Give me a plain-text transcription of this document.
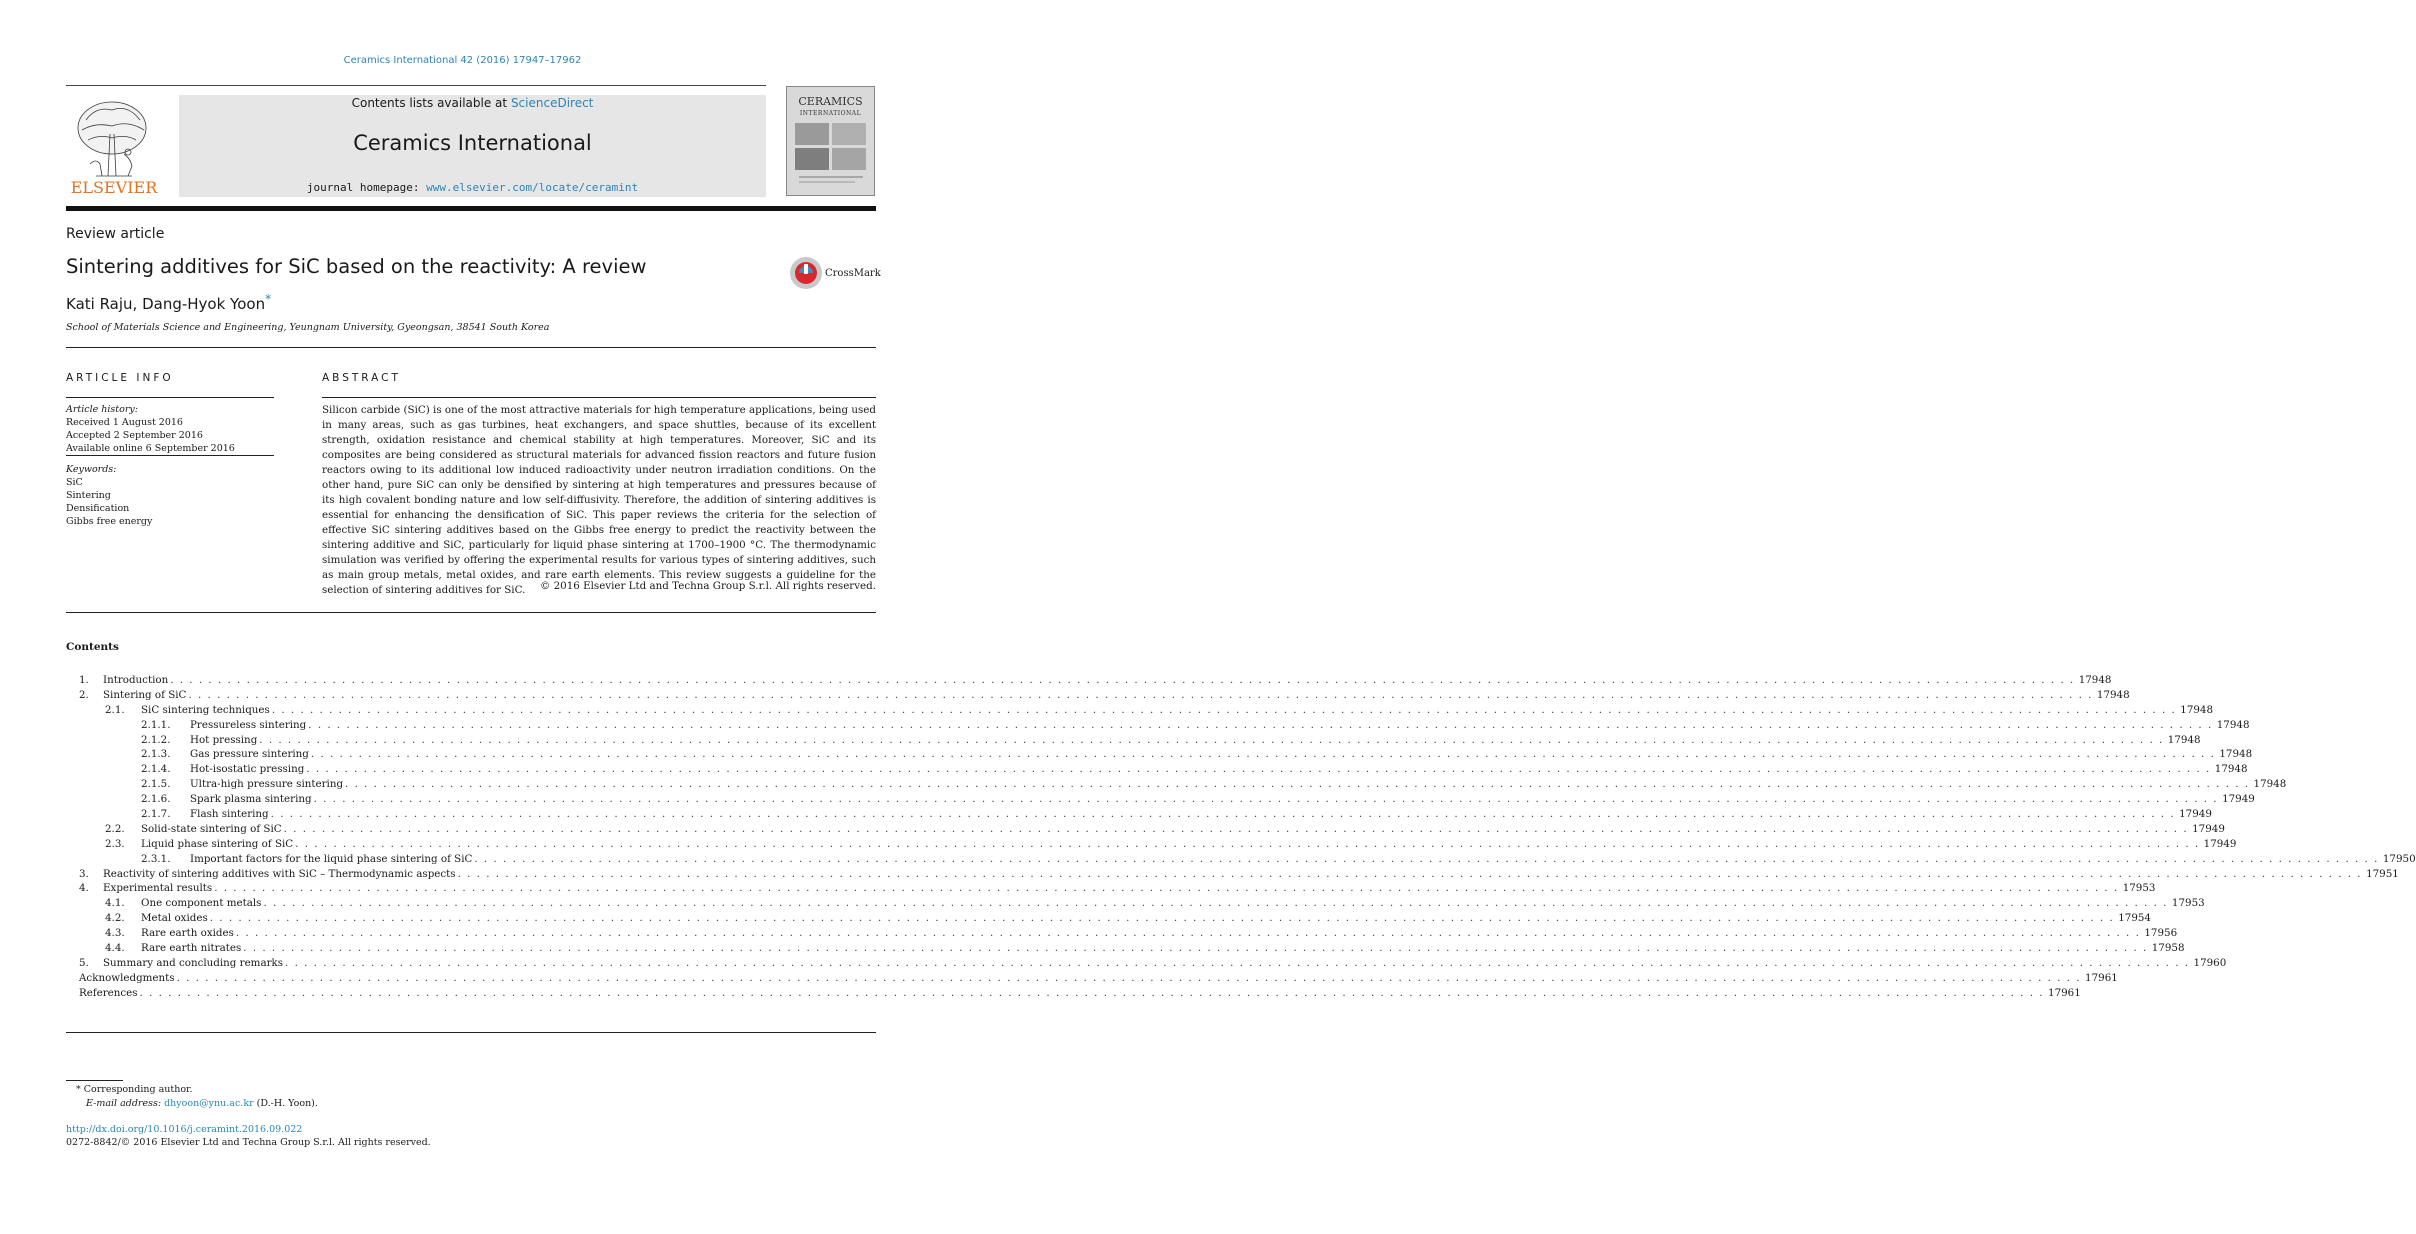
Ceramics International 42 (2016) 17947–17962
ELSEVIER
Contents lists available at ScienceDirect
Ceramics International
journal homepage: www.elsevier.com/locate/ceramint
CERAMICS
INTERNATIONAL
Review article
Sintering additives for SiC based on the reactivity: A review	CrossMark
Kati Raju, Dang-Hyok Yoon*
School of Materials Science and Engineering, Yeungnam University, Gyeongsan, 38541 South Korea
ARTICLE INFO
Article history:
Received 1 August 2016
Accepted 2 September 2016
Available online 6 September 2016
Keywords:
SiC
Sintering
Densification
Gibbs free energy
ABSTRACT
Silicon carbide (SiC) is one of the most attractive materials for high temperature applications, being used in many areas, such as gas turbines, heat exchangers, and space shuttles, because of its excellent strength, oxidation resistance and chemical stability at high temperatures. Moreover, SiC and its composites are being considered as structural materials for advanced fission reactors and future fusion reactors owing to its additional low induced radioactivity under neutron irradiation conditions. On the other hand, pure SiC can only be densified by sintering at high temperatures and pressures because of its high covalent bonding nature and low self-diffusivity. Therefore, the addition of sintering additives is essential for enhancing the densification of SiC. This paper reviews the criteria for the selection of effective SiC sintering additives based on the Gibbs free energy to predict the reactivity between the sintering additive and SiC, particularly for liquid phase sintering at 1700–1900 °C. The thermodynamic simulation was verified by offering the experimental results for various types of sintering additives, such as main group metals, metal oxides, and rare earth elements. This review suggests a guideline for the selection of sintering additives for SiC.	© 2016 Elsevier Ltd and Techna Group S.r.l. All rights reserved.
Contents
1.	Introduction . . . . . . . . . . . . . . . . . . . . . . . . . . . . . . . . . . . . . . . . . . . . . . . . . . . . . . . . . . . . . . . . . . . . . . . . . . . . . . . . . . . . . . . . . . . . . . . . . . . . . . . . . . . . . . . . . . . . . . . . . . . . . . . . . . . . . . . . . . . . . . . . . . . . . . . . . . . . . . . . . . . . . . . . . . . . . . . . . . . . . . . . . . . . . . . . . . . . . . . . 17948
2.	Sintering of SiC . . . . . . . . . . . . . . . . . . . . . . . . . . . . . . . . . . . . . . . . . . . . . . . . . . . . . . . . . . . . . . . . . . . . . . . . . . . . . . . . . . . . . . . . . . . . . . . . . . . . . . . . . . . . . . . . . . . . . . . . . . . . . . . . . . . . . . . . . . . . . . . . . . . . . . . . . . . . . . . . . . . . . . . . . . . . . . . . . . . . . . . . . . . . . . . . . . . . . . . . 17948
2.1.	SiC sintering techniques . . . . . . . . . . . . . . . . . . . . . . . . . . . . . . . . . . . . . . . . . . . . . . . . . . . . . . . . . . . . . . . . . . . . . . . . . . . . . . . . . . . . . . . . . . . . . . . . . . . . . . . . . . . . . . . . . . . . . . . . . . . . . . . . . . . . . . . . . . . . . . . . . . . . . . . . . . . . . . . . . . . . . . . . . . . . . . . . . . . . . . . . . . . . . . . . . . . . . . . . 17948
2.1.1.	Pressureless sintering . . . . . . . . . . . . . . . . . . . . . . . . . . . . . . . . . . . . . . . . . . . . . . . . . . . . . . . . . . . . . . . . . . . . . . . . . . . . . . . . . . . . . . . . . . . . . . . . . . . . . . . . . . . . . . . . . . . . . . . . . . . . . . . . . . . . . . . . . . . . . . . . . . . . . . . . . . . . . . . . . . . . . . . . . . . . . . . . . . . . . . . . . . . . . . . . . . . . . . . . 17948
2.1.2.	Hot pressing . . . . . . . . . . . . . . . . . . . . . . . . . . . . . . . . . . . . . . . . . . . . . . . . . . . . . . . . . . . . . . . . . . . . . . . . . . . . . . . . . . . . . . . . . . . . . . . . . . . . . . . . . . . . . . . . . . . . . . . . . . . . . . . . . . . . . . . . . . . . . . . . . . . . . . . . . . . . . . . . . . . . . . . . . . . . . . . . . . . . . . . . . . . . . . . . . . . . . . . . 17948
2.1.3.	Gas pressure sintering . . . . . . . . . . . . . . . . . . . . . . . . . . . . . . . . . . . . . . . . . . . . . . . . . . . . . . . . . . . . . . . . . . . . . . . . . . . . . . . . . . . . . . . . . . . . . . . . . . . . . . . . . . . . . . . . . . . . . . . . . . . . . . . . . . . . . . . . . . . . . . . . . . . . . . . . . . . . . . . . . . . . . . . . . . . . . . . . . . . . . . . . . . . . . . . . . . . . . . . . 17948
2.1.4.	Hot-isostatic pressing . . . . . . . . . . . . . . . . . . . . . . . . . . . . . . . . . . . . . . . . . . . . . . . . . . . . . . . . . . . . . . . . . . . . . . . . . . . . . . . . . . . . . . . . . . . . . . . . . . . . . . . . . . . . . . . . . . . . . . . . . . . . . . . . . . . . . . . . . . . . . . . . . . . . . . . . . . . . . . . . . . . . . . . . . . . . . . . . . . . . . . . . . . . . . . . . . . . . . . . . 17948
2.1.5.	Ultra-high pressure sintering . . . . . . . . . . . . . . . . . . . . . . . . . . . . . . . . . . . . . . . . . . . . . . . . . . . . . . . . . . . . . . . . . . . . . . . . . . . . . . . . . . . . . . . . . . . . . . . . . . . . . . . . . . . . . . . . . . . . . . . . . . . . . . . . . . . . . . . . . . . . . . . . . . . . . . . . . . . . . . . . . . . . . . . . . . . . . . . . . . . . . . . . . . . . . . . . . . . . . . . . 17948
2.1.6.	Spark plasma sintering . . . . . . . . . . . . . . . . . . . . . . . . . . . . . . . . . . . . . . . . . . . . . . . . . . . . . . . . . . . . . . . . . . . . . . . . . . . . . . . . . . . . . . . . . . . . . . . . . . . . . . . . . . . . . . . . . . . . . . . . . . . . . . . . . . . . . . . . . . . . . . . . . . . . . . . . . . . . . . . . . . . . . . . . . . . . . . . . . . . . . . . . . . . . . . . . . . . . . . . . 17949
2.1.7.	Flash sintering . . . . . . . . . . . . . . . . . . . . . . . . . . . . . . . . . . . . . . . . . . . . . . . . . . . . . . . . . . . . . . . . . . . . . . . . . . . . . . . . . . . . . . . . . . . . . . . . . . . . . . . . . . . . . . . . . . . . . . . . . . . . . . . . . . . . . . . . . . . . . . . . . . . . . . . . . . . . . . . . . . . . . . . . . . . . . . . . . . . . . . . . . . . . . . . . . . . . . . . . 17949
2.2.	Solid-state sintering of SiC . . . . . . . . . . . . . . . . . . . . . . . . . . . . . . . . . . . . . . . . . . . . . . . . . . . . . . . . . . . . . . . . . . . . . . . . . . . . . . . . . . . . . . . . . . . . . . . . . . . . . . . . . . . . . . . . . . . . . . . . . . . . . . . . . . . . . . . . . . . . . . . . . . . . . . . . . . . . . . . . . . . . . . . . . . . . . . . . . . . . . . . . . . . . . . . . . . . . . . . . 17949
2.3.	Liquid phase sintering of SiC . . . . . . . . . . . . . . . . . . . . . . . . . . . . . . . . . . . . . . . . . . . . . . . . . . . . . . . . . . . . . . . . . . . . . . . . . . . . . . . . . . . . . . . . . . . . . . . . . . . . . . . . . . . . . . . . . . . . . . . . . . . . . . . . . . . . . . . . . . . . . . . . . . . . . . . . . . . . . . . . . . . . . . . . . . . . . . . . . . . . . . . . . . . . . . . . . . . . . . . . 17949
2.3.1.	Important factors for the liquid phase sintering of SiC . . . . . . . . . . . . . . . . . . . . . . . . . . . . . . . . . . . . . . . . . . . . . . . . . . . . . . . . . . . . . . . . . . . . . . . . . . . . . . . . . . . . . . . . . . . . . . . . . . . . . . . . . . . . . . . . . . . . . . . . . . . . . . . . . . . . . . . . . . . . . . . . . . . . . . . . . . . . . . . . . . . . . . . . . . . . . . . . . . . . . . . . . . . . . . . . . . . . . . . . 17950
3.	Reactivity of sintering additives with SiC – Thermodynamic aspects . . . . . . . . . . . . . . . . . . . . . . . . . . . . . . . . . . . . . . . . . . . . . . . . . . . . . . . . . . . . . . . . . . . . . . . . . . . . . . . . . . . . . . . . . . . . . . . . . . . . . . . . . . . . . . . . . . . . . . . . . . . . . . . . . . . . . . . . . . . . . . . . . . . . . . . . . . . . . . . . . . . . . . . . . . . . . . . . . . . . . . . . . . . . . . . . . . . . . . . . 17951
4.	Experimental results . . . . . . . . . . . . . . . . . . . . . . . . . . . . . . . . . . . . . . . . . . . . . . . . . . . . . . . . . . . . . . . . . . . . . . . . . . . . . . . . . . . . . . . . . . . . . . . . . . . . . . . . . . . . . . . . . . . . . . . . . . . . . . . . . . . . . . . . . . . . . . . . . . . . . . . . . . . . . . . . . . . . . . . . . . . . . . . . . . . . . . . . . . . . . . . . . . . . . . . . 17953
4.1.	One component metals . . . . . . . . . . . . . . . . . . . . . . . . . . . . . . . . . . . . . . . . . . . . . . . . . . . . . . . . . . . . . . . . . . . . . . . . . . . . . . . . . . . . . . . . . . . . . . . . . . . . . . . . . . . . . . . . . . . . . . . . . . . . . . . . . . . . . . . . . . . . . . . . . . . . . . . . . . . . . . . . . . . . . . . . . . . . . . . . . . . . . . . . . . . . . . . . . . . . . . . . 17953
4.2.	Metal oxides . . . . . . . . . . . . . . . . . . . . . . . . . . . . . . . . . . . . . . . . . . . . . . . . . . . . . . . . . . . . . . . . . . . . . . . . . . . . . . . . . . . . . . . . . . . . . . . . . . . . . . . . . . . . . . . . . . . . . . . . . . . . . . . . . . . . . . . . . . . . . . . . . . . . . . . . . . . . . . . . . . . . . . . . . . . . . . . . . . . . . . . . . . . . . . . . . . . . . . . . 17954
4.3.	Rare earth oxides . . . . . . . . . . . . . . . . . . . . . . . . . . . . . . . . . . . . . . . . . . . . . . . . . . . . . . . . . . . . . . . . . . . . . . . . . . . . . . . . . . . . . . . . . . . . . . . . . . . . . . . . . . . . . . . . . . . . . . . . . . . . . . . . . . . . . . . . . . . . . . . . . . . . . . . . . . . . . . . . . . . . . . . . . . . . . . . . . . . . . . . . . . . . . . . . . . . . . . . . 17956
4.4.	Rare earth nitrates . . . . . . . . . . . . . . . . . . . . . . . . . . . . . . . . . . . . . . . . . . . . . . . . . . . . . . . . . . . . . . . . . . . . . . . . . . . . . . . . . . . . . . . . . . . . . . . . . . . . . . . . . . . . . . . . . . . . . . . . . . . . . . . . . . . . . . . . . . . . . . . . . . . . . . . . . . . . . . . . . . . . . . . . . . . . . . . . . . . . . . . . . . . . . . . . . . . . . . . . 17958
5.	Summary and concluding remarks . . . . . . . . . . . . . . . . . . . . . . . . . . . . . . . . . . . . . . . . . . . . . . . . . . . . . . . . . . . . . . . . . . . . . . . . . . . . . . . . . . . . . . . . . . . . . . . . . . . . . . . . . . . . . . . . . . . . . . . . . . . . . . . . . . . . . . . . . . . . . . . . . . . . . . . . . . . . . . . . . . . . . . . . . . . . . . . . . . . . . . . . . . . . . . . . . . . . . . . . 17960
Acknowledgments . . . . . . . . . . . . . . . . . . . . . . . . . . . . . . . . . . . . . . . . . . . . . . . . . . . . . . . . . . . . . . . . . . . . . . . . . . . . . . . . . . . . . . . . . . . . . . . . . . . . . . . . . . . . . . . . . . . . . . . . . . . . . . . . . . . . . . . . . . . . . . . . . . . . . . . . . . . . . . . . . . . . . . . . . . . . . . . . . . . . . . . . . . . . . . . . . . . . . . . . 17961
References . . . . . . . . . . . . . . . . . . . . . . . . . . . . . . . . . . . . . . . . . . . . . . . . . . . . . . . . . . . . . . . . . . . . . . . . . . . . . . . . . . . . . . . . . . . . . . . . . . . . . . . . . . . . . . . . . . . . . . . . . . . . . . . . . . . . . . . . . . . . . . . . . . . . . . . . . . . . . . . . . . . . . . . . . . . . . . . . . . . . . . . . . . . . . . . . . . . . . . . . 17961
* Corresponding author.
E-mail address: dhyoon@ynu.ac.kr (D.-H. Yoon).
http://dx.doi.org/10.1016/j.ceramint.2016.09.022
0272-8842/© 2016 Elsevier Ltd and Techna Group S.r.l. All rights reserved.
